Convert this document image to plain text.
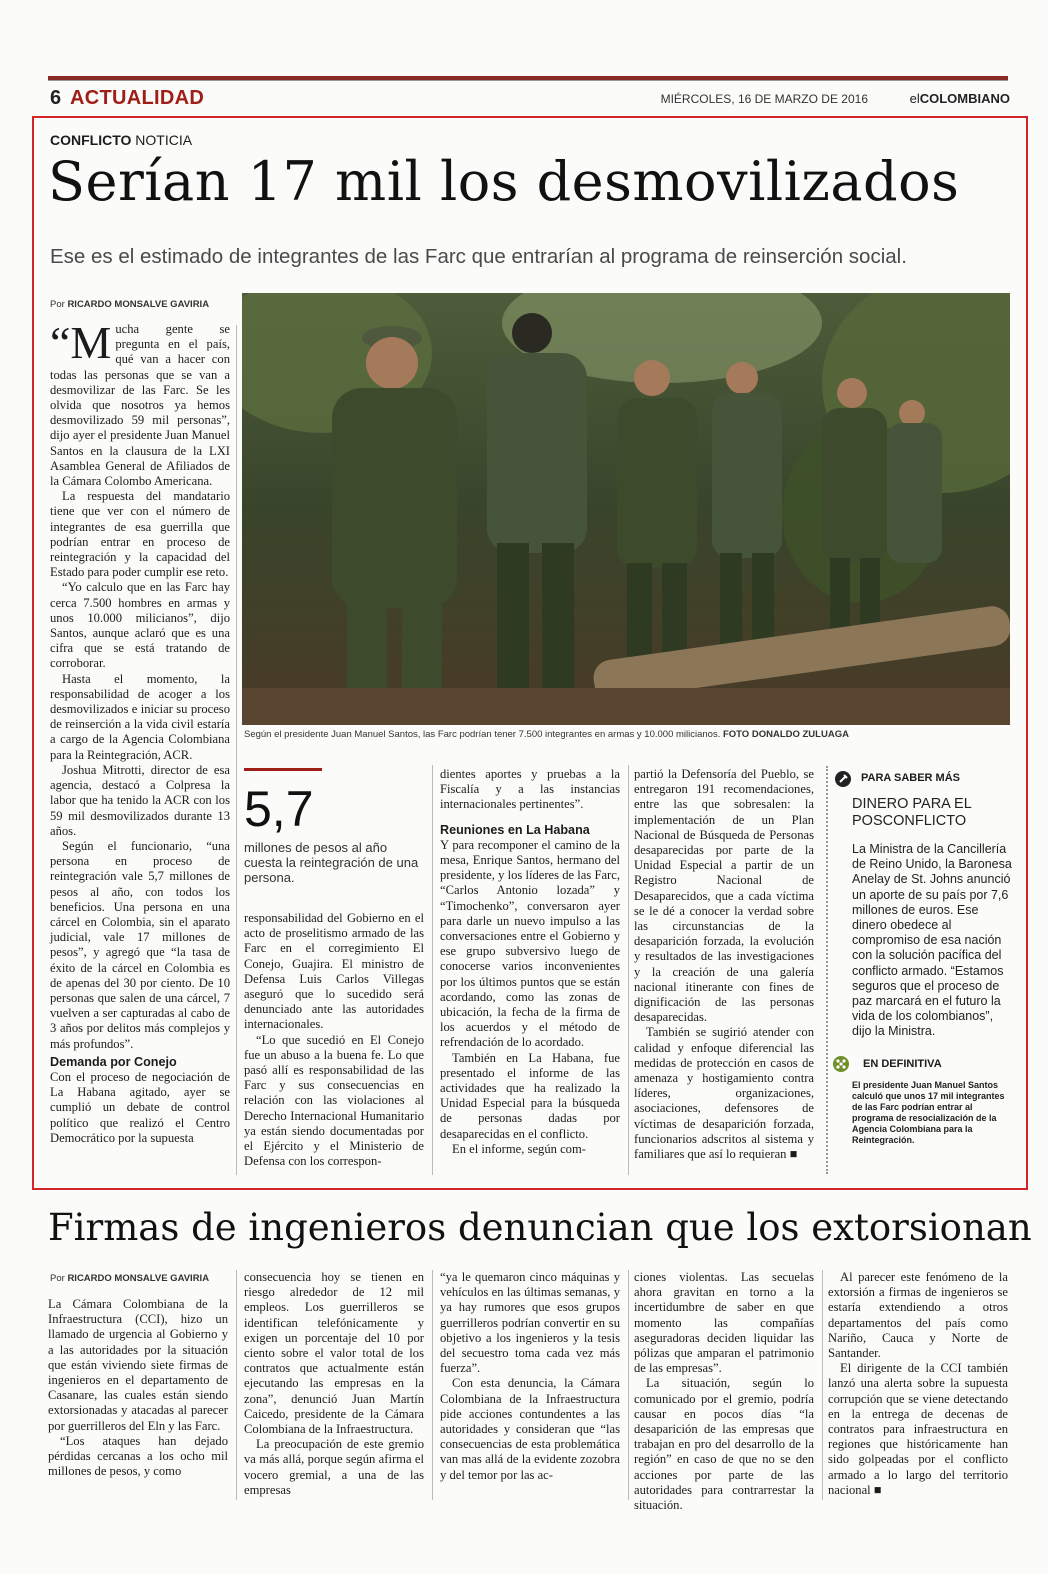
6 ACTUALIDAD	MIÉRCOLES, 16 DE MARZO DE 2016	elCOLOMBIANO
CONFLICTO NOTICIA
Serían 17 mil los desmovilizados
Ese es el estimado de integrantes de las Farc que entrarían al programa de reinserción social.
Por RICARDO MONSALVE GAVIRIA
“M ucha gente se pregunta en el país, qué van a hacer con todas las personas que se van a desmovilizar de las Farc. Se les olvida que nosotros ya hemos desmovilizado 59 mil personas”, dijo ayer el presidente Juan Manuel Santos en la clausura de la LXI Asamblea General de Afiliados de la Cámara Colombo Americana.

La respuesta del mandatario tiene que ver con el número de integrantes de esa guerrilla que podrían entrar en proceso de reintegración y la capacidad del Estado para poder cumplir ese reto.

“Yo calculo que en las Farc hay cerca 7.500 hombres en armas y unos 10.000 milicianos”, dijo Santos, aunque aclaró que es una cifra que se está tratando de corroborar.

Hasta el momento, la responsabilidad de acoger a los desmovilizados e iniciar su proceso de reinserción a la vida civil estaría a cargo de la Agencia Colombiana para la Reintegración, ACR.

Joshua Mitrotti, director de esa agencia, destacó a Colpresa la labor que ha tenido la ACR con los 59 mil desmovilizados durante 13 años.

Según el funcionario, “una persona en proceso de reintegración vale 5,7 millones de pesos al año, con todos los beneficios. Una persona en una cárcel en Colombia, sin el aparato judicial, vale 17 millones de pesos”, y agregó que “la tasa de éxito de la cárcel en Colombia es de apenas del 30 por ciento. De 10 personas que salen de una cárcel, 7 vuelven a ser capturadas al cabo de 3 años por delitos más complejos y más profundos”.

Demanda por Conejo

Con el proceso de negociación de La Habana agitado, ayer se cumplió un debate de control político que realizó el Centro Democrático por la supuesta

Según el presidente Juan Manuel Santos, las Farc podrían tener 7.500 integrantes en armas y 10.000 milicianos. FOTO DONALDO ZULUAGA
5,7
millones de pesos al año cuesta la reintegración de una persona.

responsabilidad del Gobierno en el acto de proselitismo armado de las Farc en el corregimiento El Conejo, Guajira. El ministro de Defensa Luis Carlos Villegas aseguró que lo sucedido será denunciado ante las autoridades internacionales.

“Lo que sucedió en El Conejo fue un abuso a la buena fe. Lo que pasó allí es responsabilidad de las Farc y sus consecuencias en relación con las violaciones al Derecho Internacional Humanitario ya están siendo documentadas por el Ejército y el Ministerio de Defensa con los correspon-

dientes aportes y pruebas a la Fiscalía y a las instancias internacionales pertinentes”.

Reuniones en La Habana

Y para recomponer el camino de la mesa, Enrique Santos, hermano del presidente, y los líderes de las Farc, “Carlos Antonio lozada” y “Timochenko”, conversaron ayer para darle un nuevo impulso a las conversaciones entre el Gobierno y ese grupo subversivo luego de conocerse varios inconvenientes por los últimos puntos que se están acordando, como las zonas de ubicación, la fecha de la firma de los acuerdos y el método de refrendación de lo acordado.

También en La Habana, fue presentado el informe de las actividades que ha realizado la Unidad Especial para la búsqueda de personas dadas por desaparecidas en el conflicto.

En el informe, según com-

partió la Defensoría del Pueblo, se entregaron 191 recomendaciones, entre las que sobresalen: la implementación de un Plan Nacional de Búsqueda de Personas desaparecidas por parte de la Unidad Especial a partir de un Registro Nacional de Desaparecidos, que a cada víctima se le dé a conocer la verdad sobre las circunstancias de la desaparición forzada, la evolución y resultados de las investigaciones y la creación de una galería nacional itinerante con fines de dignificación de las personas desaparecidas.

También se sugirió atender con calidad y enfoque diferencial las medidas de protección en casos de amenaza y hostigamiento contra líderes, organizaciones, asociaciones, defensores de víctimas de desaparición forzada, funcionarios adscritos al sistema y familiares que así lo requieran ■

PARA SABER MÁS
DINERO PARA EL POSCONFLICTO
La Ministra de la Cancillería de Reino Unido, la Baronesa Anelay de St. Johns anunció un aporte de su país por 7,6 millones de euros. Ese dinero obedece al compromiso de esa nación con la solución pacífica del conflicto armado. “Estamos seguros que el proceso de paz marcará en el futuro la vida de los colombianos”, dijo la Ministra.
EN DEFINITIVA
El presidente Juan Manuel Santos calculó que unos 17 mil integrantes de las Farc podrían entrar al programa de resocialización de la Agencia Colombiana para la Reintegración.
Firmas de ingenieros denuncian que los extorsionan
Por RICARDO MONSALVE GAVIRIA

La Cámara Colombiana de la Infraestructura (CCI), hizo un llamado de urgencia al Gobierno y a las autoridades por la situación que están viviendo siete firmas de ingenieros en el departamento de Casanare, las cuales están siendo extorsionadas y atacadas al parecer por guerrilleros del Eln y las Farc.

“Los ataques han dejado pérdidas cercanas a los ocho mil millones de pesos, y como

consecuencia hoy se tienen en riesgo alrededor de 12 mil empleos. Los guerrilleros se identifican telefónicamente y exigen un porcentaje del 10 por ciento sobre el valor total de los contratos que actualmente están ejecutando las empresas en la zona”, denunció Juan Martín Caicedo, presidente de la Cámara Colombiana de la Infraestructura.

La preocupación de este gremio va más allá, porque según afirma el vocero gremial, a una de las empresas

“ya le quemaron cinco máquinas y vehículos en las últimas semanas, y ya hay rumores que esos grupos guerrilleros podrían convertir en su objetivo a los ingenieros y la tesis del secuestro toma cada vez más fuerza”.

Con esta denuncia, la Cámara Colombiana de la Infraestructura pide acciones contundentes a las autoridades y consideran que “las consecuencias de esta problemática van mas allá de la evidente zozobra y del temor por las ac-

ciones violentas. Las secuelas ahora gravitan en torno a la incertidumbre de saber en que momento las compañías aseguradoras deciden liquidar las pólizas que amparan el patrimonio de las empresas”.

La situación, según lo comunicado por el gremio, podría causar en pocos días “la desaparición de las empresas que trabajan en pro del desarrollo de la región” en caso de que no se den acciones por parte de las autoridades para contrarrestar la situación.

Al parecer este fenómeno de la extorsión a firmas de ingenieros se estaría extendiendo a otros departamentos del país como Nariño, Cauca y Norte de Santander.

El dirigente de la CCI también lanzó una alerta sobre la supuesta corrupción que se viene detectando en la entrega de decenas de contratos para infraestructura en regiones que históricamente han sido golpeadas por el conflicto armado a lo largo del territorio nacional ■
